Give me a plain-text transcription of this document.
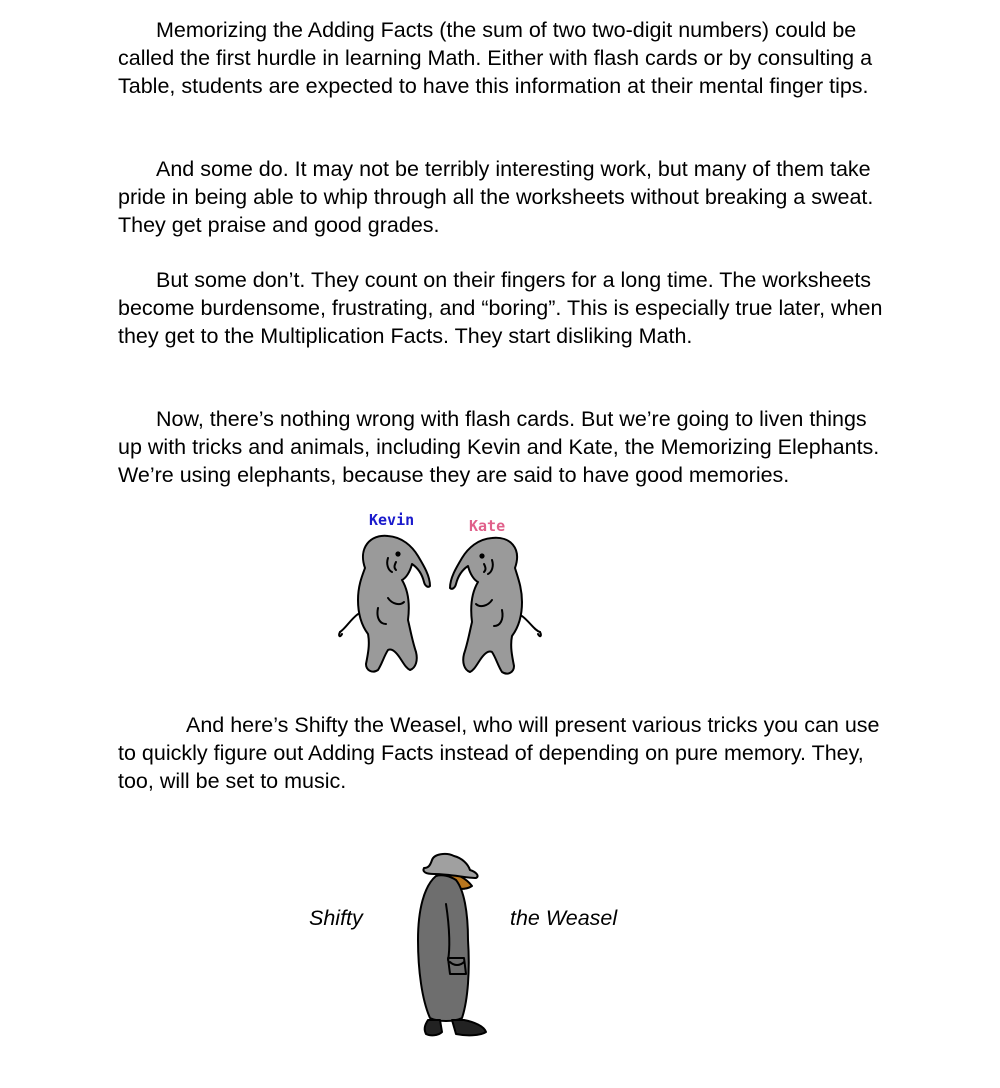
Memorizing the Adding Facts (the sum of two two-digit numbers) could be called the first hurdle in learning Math. Either with flash cards or by consulting a Table, students are expected to have this information at their mental finger tips.

And some do. It may not be terribly interesting work, but many of them take pride in being able to whip through all the worksheets without breaking a sweat. They get praise and good grades.

But some don’t. They count on their fingers for a long time. The worksheets become burdensome, frustrating, and “boring”. This is especially true later, when they get to the Multiplication Facts. They start disliking Math.

Now, there’s nothing wrong with flash cards. But we’re going to liven things up with tricks and animals, including Kevin and Kate, the Memorizing Elephants. We’re using elephants, because they are said to have good memories.

Kevin	Kate

And here’s Shifty the Weasel, who will present various tricks you can use to quickly figure out Adding Facts instead of depending on pure memory. They, too, will be set to music.

Shifty	the Weasel
